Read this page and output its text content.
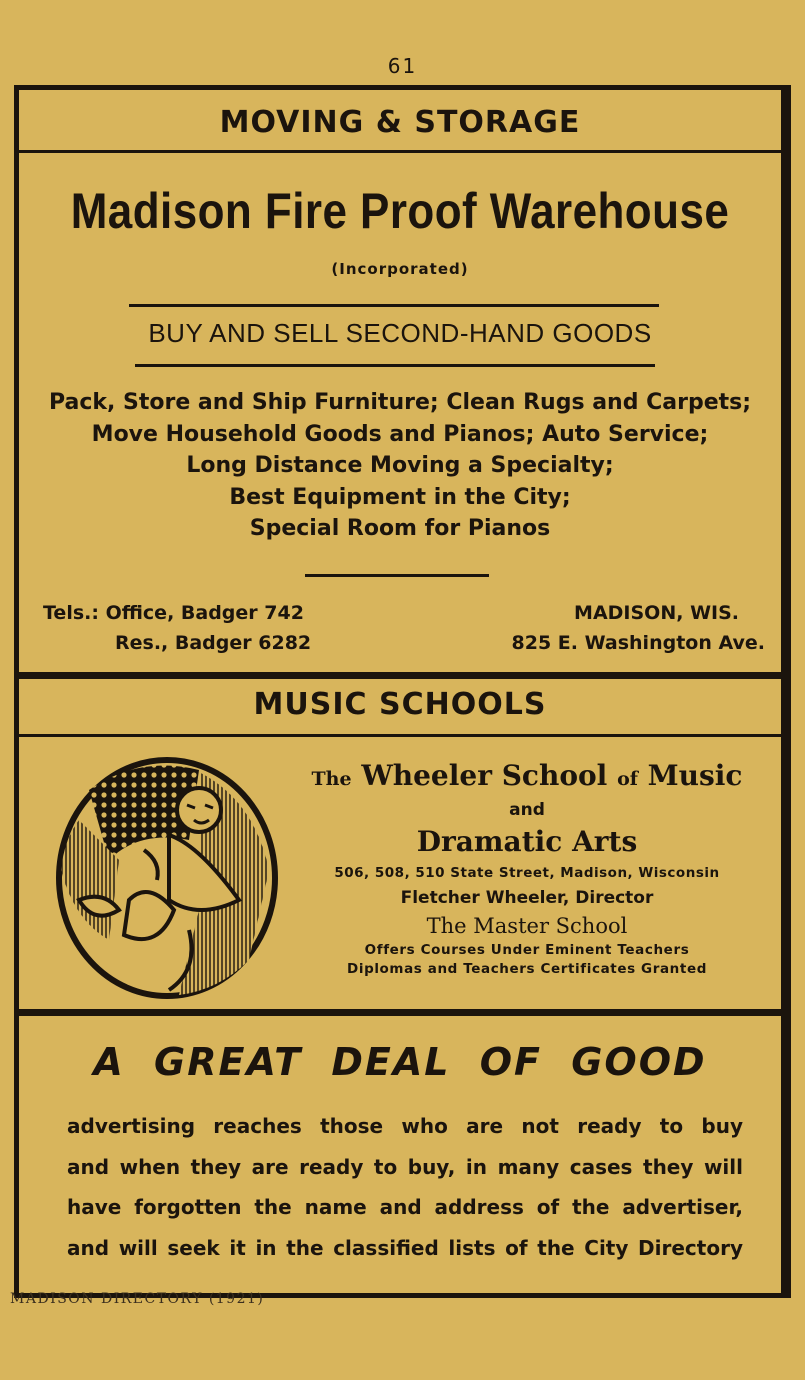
61
MOVING & STORAGE
Madison Fire Proof Warehouse
(Incorporated)
BUY AND SELL SECOND-HAND GOODS
Pack, Store and Ship Furniture; Clean Rugs and Carpets;
Move Household Goods and Pianos; Auto Service;
Long Distance Moving a Specialty;
Best Equipment in the City;
Special Room for Pianos
Tels.: Office, Badger 742
Res., Badger 6282
MADISON, WIS.
825 E. Washington Ave.
MUSIC SCHOOLS
The Wheeler School of Music
and
Dramatic Arts
506, 508, 510 State Street, Madison, Wisconsin
Fletcher Wheeler, Director
The Master School
Offers Courses Under Eminent Teachers
Diplomas and Teachers Certificates Granted
A GREAT DEAL OF GOOD
advertising reaches those who are not ready to buy
and when they are ready to buy, in many cases they will
have forgotten the name and address of the advertiser,
and will seek it in the classified lists of the City Directory
MADISON DIRECTORY (1921)
